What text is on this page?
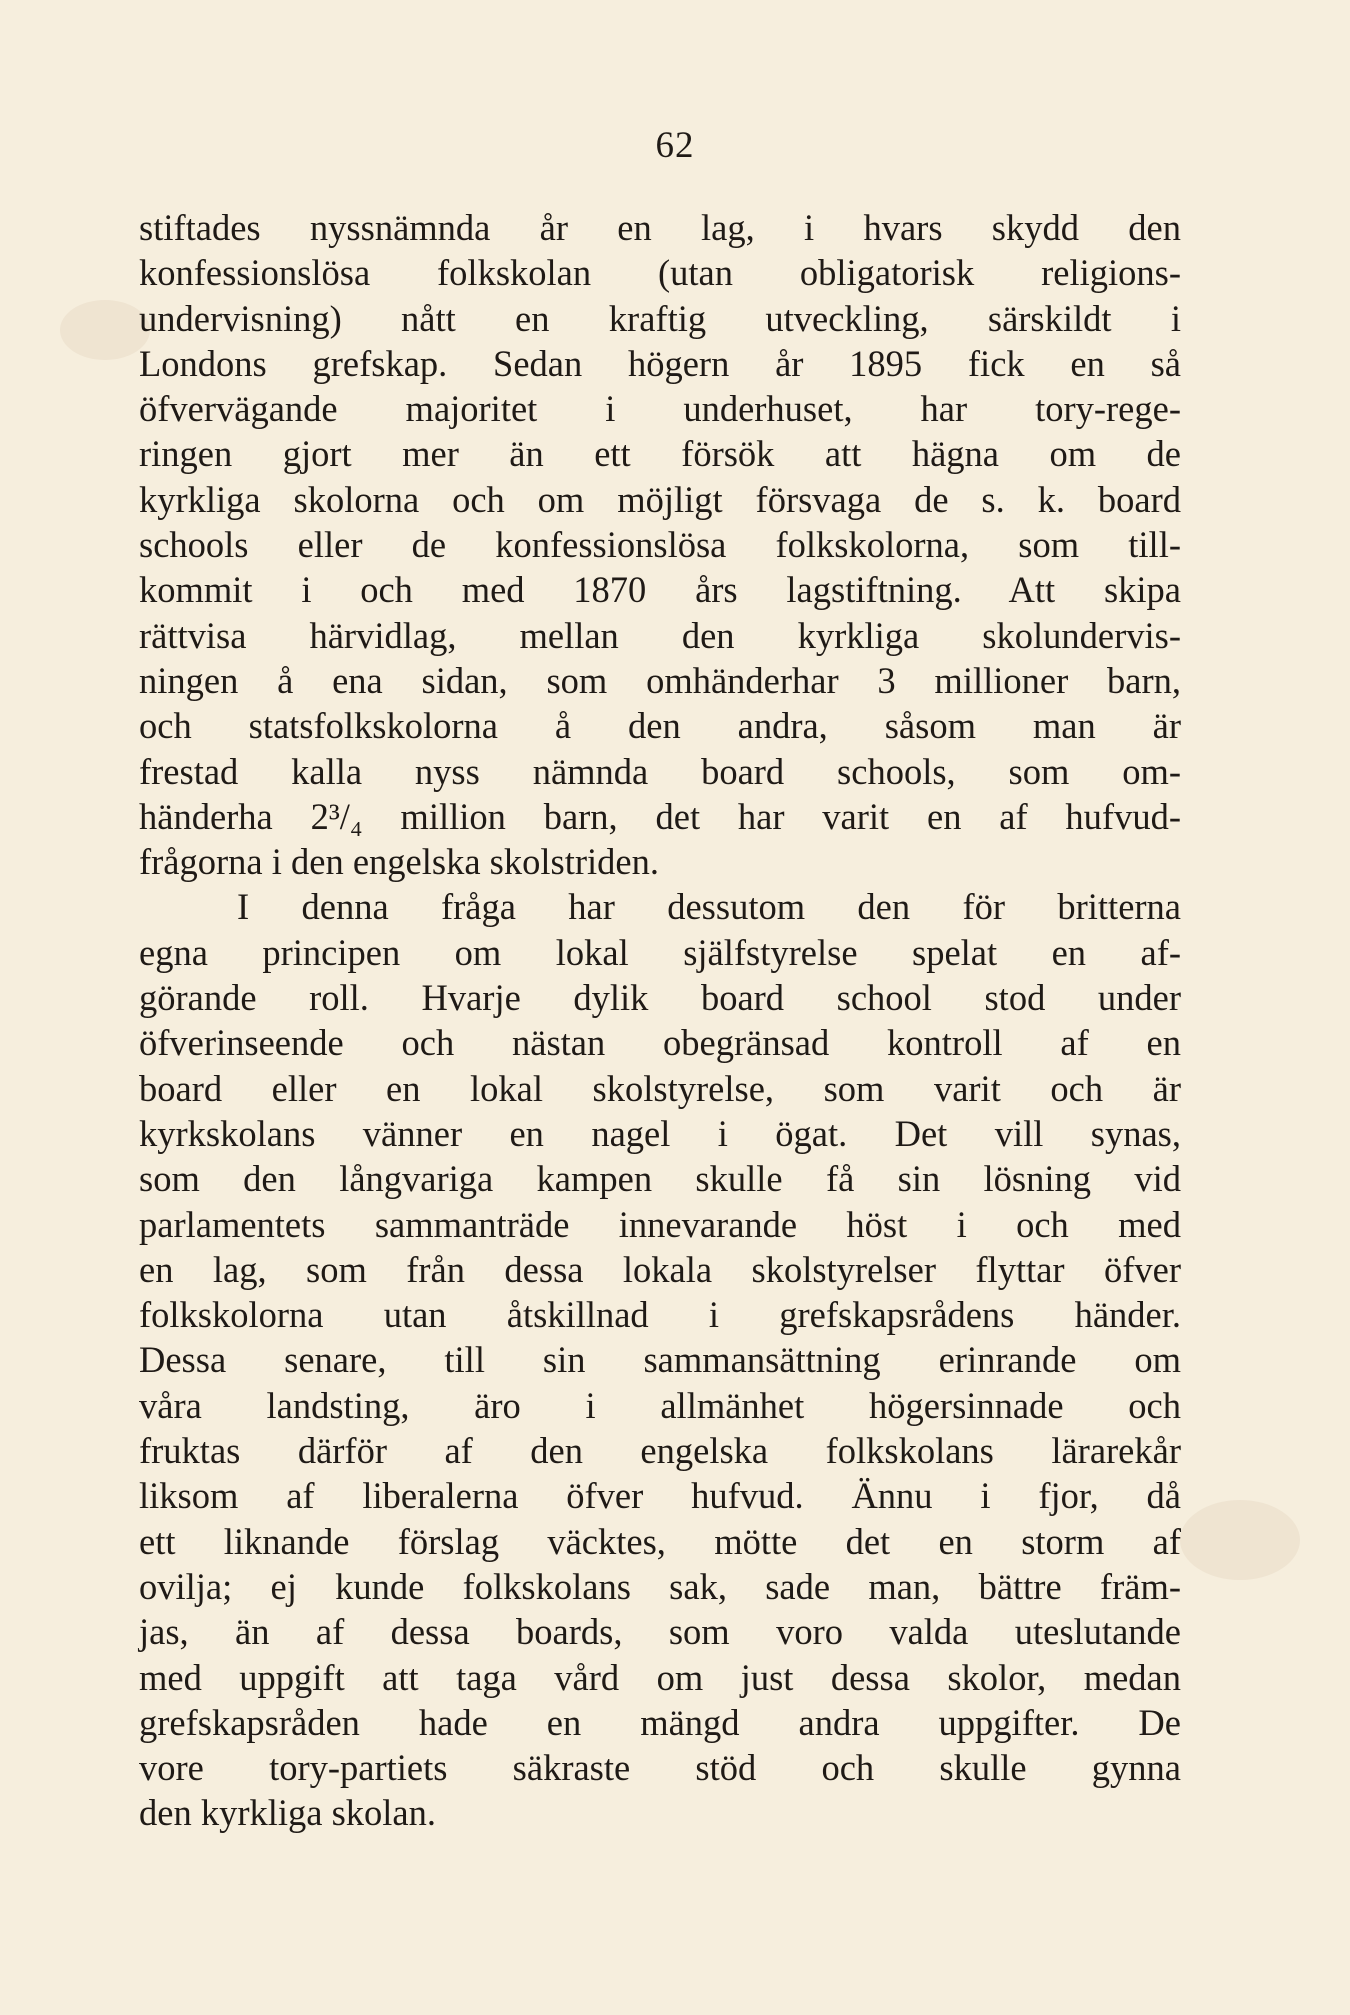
62
stiftades nyssnämnda år en lag, i hvars skydd den
konfessionslösa folkskolan (utan obligatorisk religions-
undervisning) nått en kraftig utveckling, särskildt i
Londons grefskap. Sedan högern år 1895 fick en så
öfvervägande majoritet i underhuset, har tory-rege-
ringen gjort mer än ett försök att hägna om de
kyrkliga skolorna och om möjligt försvaga de s. k. board
schools eller de konfessionslösa folkskolorna, som till-
kommit i och med 1870 års lagstiftning. Att skipa
rättvisa härvidlag, mellan den kyrkliga skolundervis-
ningen å ena sidan, som omhänderhar 3 millioner barn,
och statsfolkskolorna å den andra, såsom man är
frestad kalla nyss nämnda board schools, som om-
händerha 2³/₄ million barn, det har varit en af hufvud-
frågorna i den engelska skolstriden.
I denna fråga har dessutom den för britterna
egna principen om lokal själfstyrelse spelat en af-
görande roll. Hvarje dylik board school stod under
öfverinseende och nästan obegränsad kontroll af en
board eller en lokal skolstyrelse, som varit och är
kyrkskolans vänner en nagel i ögat. Det vill synas,
som den långvariga kampen skulle få sin lösning vid
parlamentets sammanträde innevarande höst i och med
en lag, som från dessa lokala skolstyrelser flyttar öfver
folkskolorna utan åtskillnad i grefskapsrådens händer.
Dessa senare, till sin sammansättning erinrande om
våra landsting, äro i allmänhet högersinnade och
fruktas därför af den engelska folkskolans lärarekår
liksom af liberalerna öfver hufvud. Ännu i fjor, då
ett liknande förslag väcktes, mötte det en storm af
ovilja; ej kunde folkskolans sak, sade man, bättre främ-
jas, än af dessa boards, som voro valda uteslutande
med uppgift att taga vård om just dessa skolor, medan
grefskapsråden hade en mängd andra uppgifter. De
vore tory-partiets säkraste stöd och skulle gynna
den kyrkliga skolan.
